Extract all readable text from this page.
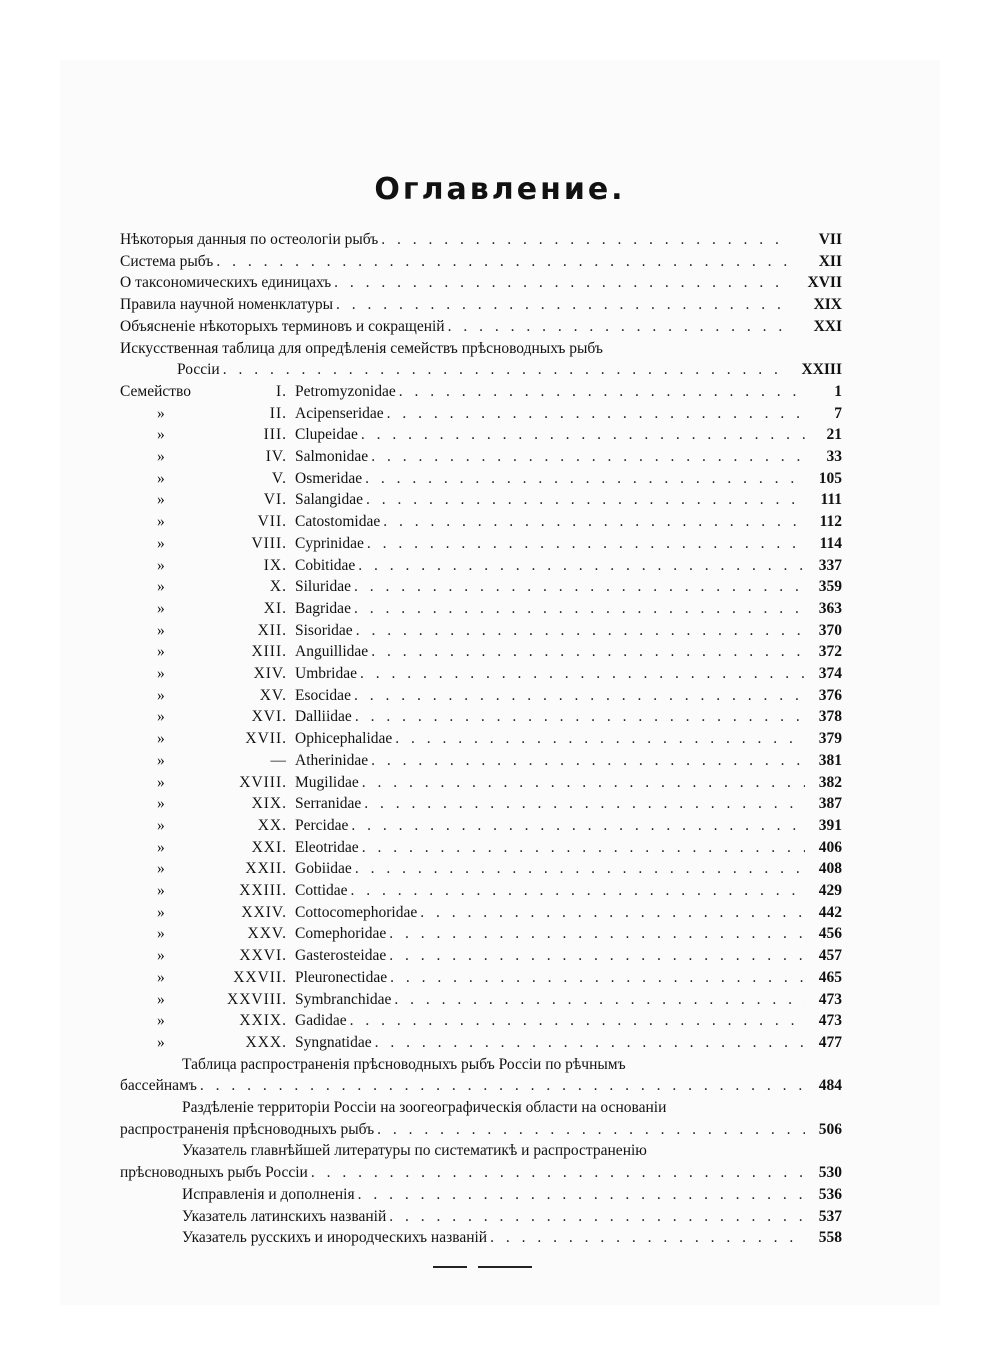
Оглавление.
Нѣкоторыя данныя по остеологіи рыбъ . . .	VII
Система рыбъ . . .	XII
О таксономическихъ единицахъ . . .	XVII
Правила научной номенклатуры . . .	XIX
Объясненіе нѣкоторыхъ терминовъ и сокращеній . . .	XXI
Искусственная таблица для опредѣленія семействъ прѣсноводныхъ рыбъ
Россіи . . .	XXIII
Семейство	I. Petromyzonidae . . .	1
»	II. Acipenseridae . . .	7
»	III. Clupeidae . . .	21
»	IV. Salmonidae . . .	33
»	V. Osmeridae . . .	105
»	VI. Salangidae . . .	111
»	VII. Catostomidae . . .	112
»	VIII. Cyprinidae . . .	114
»	IX. Cobitidae . . .	337
»	X. Siluridae . . .	359
»	XI. Bagridae . . .	363
»	XII. Sisoridae . . .	370
»	XIII. Anguillidae . . .	372
»	XIV. Umbridae . . .	374
»	XV. Esocidae . . .	376
»	XVI. Dalliidae . . .	378
»	XVII. Ophicephalidae . . .	379
»	— Atherinidae . . .	381
»	XVIII. Mugilidae . . .	382
»	XIX. Serranidae . . .	387
»	XX. Percidae . . .	391
»	XXI. Eleotridae . . .	406
»	XXII. Gobiidae . . .	408
»	XXIII. Cottidae . . .	429
»	XXIV. Cottocomephoridae . . .	442
»	XXV. Comephoridae . . .	456
»	XXVI. Gasterosteidae . . .	457
»	XXVII. Pleuronectidae . . .	465
»	XXVIII. Symbranchidae . . .	473
»	XXIX. Gadidae . . .	473
»	XXX. Syngnatidae . . .	477
Таблица распространенія прѣсноводныхъ рыбъ Россіи по рѣчнымъ
бассейнамъ . . .	484
Раздѣленіе территоріи Россіи на зоогеографическія области на основаніи
распространенія прѣсноводныхъ рыбъ . . .	506
Указатель главнѣйшей литературы по систематикѣ и распространенію
прѣсноводныхъ рыбъ Россіи . . .	530
Исправленія и дополненія . . .	536
Указатель латинскихъ названій . . .	537
Указатель русскихъ и инородческихъ названій . . .	558
